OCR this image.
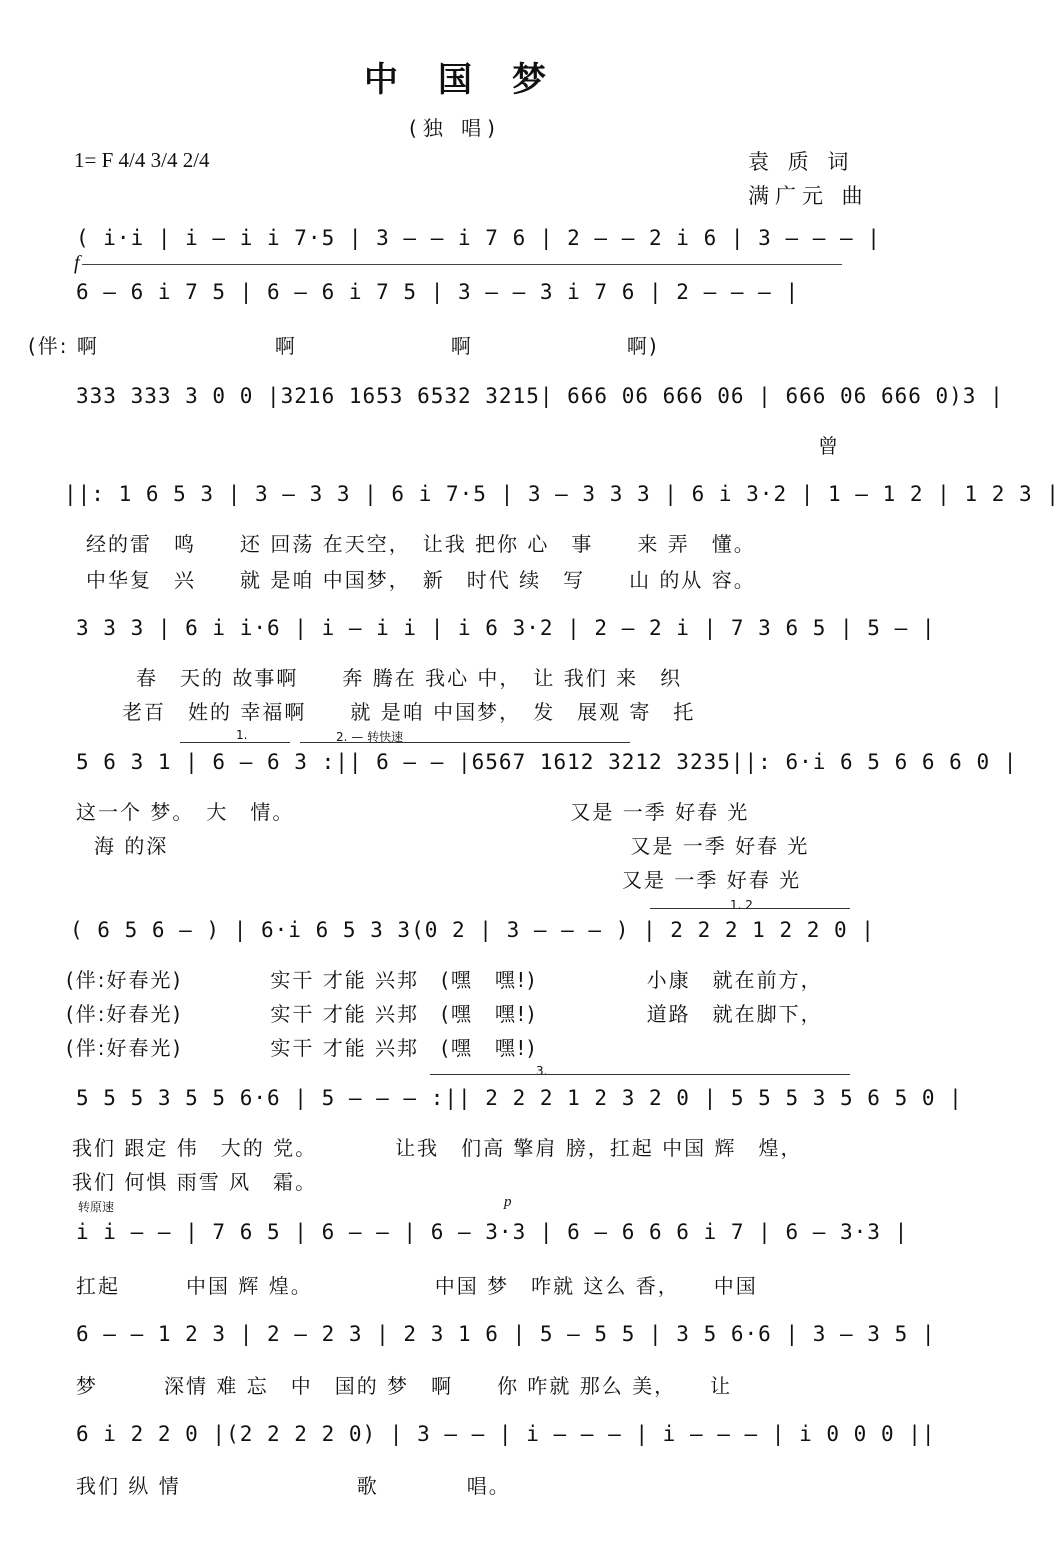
中国梦
(独 唱)
1= F 4/4 3/4 2/4	袁 质 词
满广元 曲
( i·i | i — i i 7·5 | 3 — — i 7 6 | 2 — — 2 i 6 | 3 — — — |
f
6 — 6 i 7 5 | 6 — 6 i 7 5 | 3 — — 3 i 7 6 | 2 — — — |
(伴: 啊　　　　　　　　啊　　　　　　　啊　　　　　　　啊)
333 333 3 0 0 |3216 1653 6532 3215| 666 06 666 06 | 666 06 666 0)3 |
曾
||: 1 6 5 3 | 3 — 3 3 | 6 i 7·5 | 3 — 3 3 3 | 6 i 3·2 | 1 — 1 2 | 1 2 3 |
经的雷　鸣　　还 回荡 在天空，　让我 把你 心　事　　来 弄　懂。
中华复　兴　　就 是咱 中国梦，　新　时代 续　写　　山 的从 容。
3 3 3 | 6 i i·6 | i — i i | i 6 3·2 | 2 — 2 i | 7 3 6 5 | 5 — |
春　天的 故事啊　　奔 腾在 我心 中，　让 我们 来　织
老百　姓的 幸福啊　　就 是咱 中国梦，　发　展观 寄　托
1.	2. — 转快速
5 6 3 1 | 6 — 6 3 :|| 6 — — |6567 1612 3212 3235||: 6·i 6 5 6 6 6 0 |
这一个 梦。　大　情。　　　　　　　　　　　　　又是 一季 好春 光
海 的深　　　　　　　　　　　　　　　　　　　　　又是 一季 好春 光
　　　　　　　　　　　　　　　　　　　　　　　　又是 一季 好春 光
1. 2
( 6 5 6 — ) | 6·i 6 5 3 3(0 2 | 3 — — — ) | 2 2 2 1 2 2 0 |
(伴:好春光)　　　　实干 才能 兴邦　(嘿　嘿!)　　　　　小康　就在前方，
(伴:好春光)　　　　实干 才能 兴邦　(嘿　嘿!)　　　　　道路　就在脚下，
(伴:好春光)　　　　实干 才能 兴邦　(嘿　嘿!)
3.
5 5 5 3 5 5 6·6 | 5 — — — :|| 2 2 2 1 2 3 2 0 | 5 5 5 3 5 6 5 0 |
我们 跟定 伟　大的 党。　　　　让我　们高 擎肩 膀，扛起 中国 辉　煌，
我们 何惧 雨雪 风　霜。
转原速	p
i i — — | 7 6 5 | 6 — — | 6 — 3·3 | 6 — 6 6 6 i 7 | 6 — 3·3 |
扛起　　　中国 辉 煌。　　　　　　中国 梦　咋就 这么 香，　　中国
6 — — 1 2 3 | 2 — 2 3 | 2 3 1 6 | 5 — 5 5 | 3 5 6·6 | 3 — 3 5 |
梦　　　深情 难 忘　中　国的 梦　啊　　你 咋就 那么 美，　　让
6 i 2 2 0 |(2 2 2 2 0) | 3 — — | i — — — | i — — — | i 0 0 0 ||
我们 纵 情　　　　　　　　歌　　　　唱。
